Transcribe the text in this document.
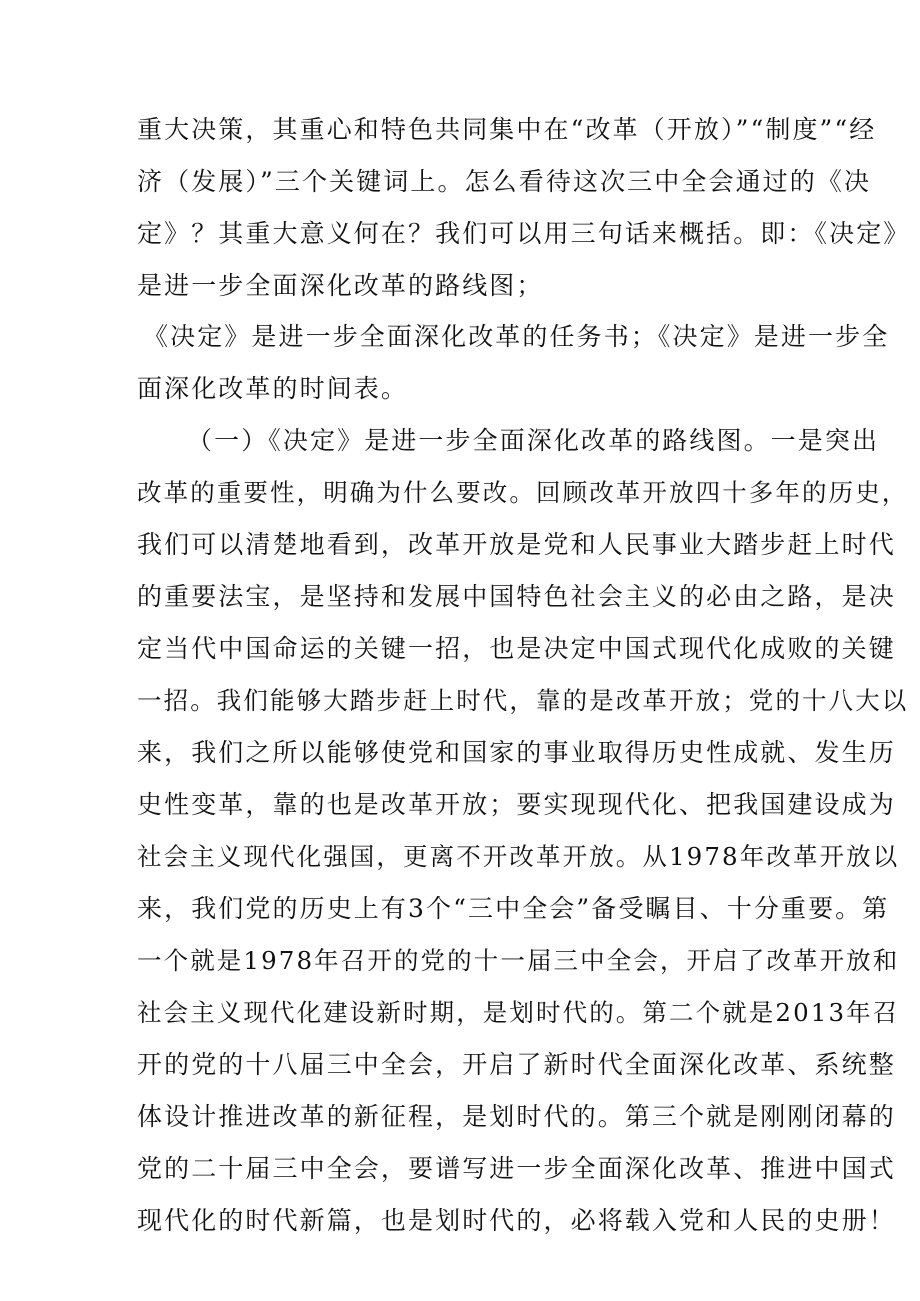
重大决策，其重心和特色共同集中在“改革（开放）”“制度”“经
济（发展）”三个关键词上。怎么看待这次三中全会通过的《决
定》？其重大意义何在？我们可以用三句话来概括。即：《决定》
是进一步全面深化改革的路线图；
《决定》是进一步全面深化改革的任务书；《决定》是进一步全
面深化改革的时间表。
（一）《决定》是进一步全面深化改革的路线图。一是突出
改革的重要性，明确为什么要改。回顾改革开放四十多年的历史，
我们可以清楚地看到，改革开放是党和人民事业大踏步赶上时代
的重要法宝，是坚持和发展中国特色社会主义的必由之路，是决
定当代中国命运的关键一招，也是决定中国式现代化成败的关键
一招。我们能够大踏步赶上时代，靠的是改革开放；党的十八大以
来，我们之所以能够使党和国家的事业取得历史性成就、发生历
史性变革，靠的也是改革开放；要实现现代化、把我国建设成为
社会主义现代化强国，更离不开改革开放。从1978年改革开放以
来，我们党的历史上有3个“三中全会”备受瞩目、十分重要。第
一个就是1978年召开的党的十一届三中全会，开启了改革开放和
社会主义现代化建设新时期，是划时代的。第二个就是2013年召
开的党的十八届三中全会，开启了新时代全面深化改革、系统整
体设计推进改革的新征程，是划时代的。第三个就是刚刚闭幕的
党的二十届三中全会，要谱写进一步全面深化改革、推进中国式
现代化的时代新篇，也是划时代的，必将载入党和人民的史册！
